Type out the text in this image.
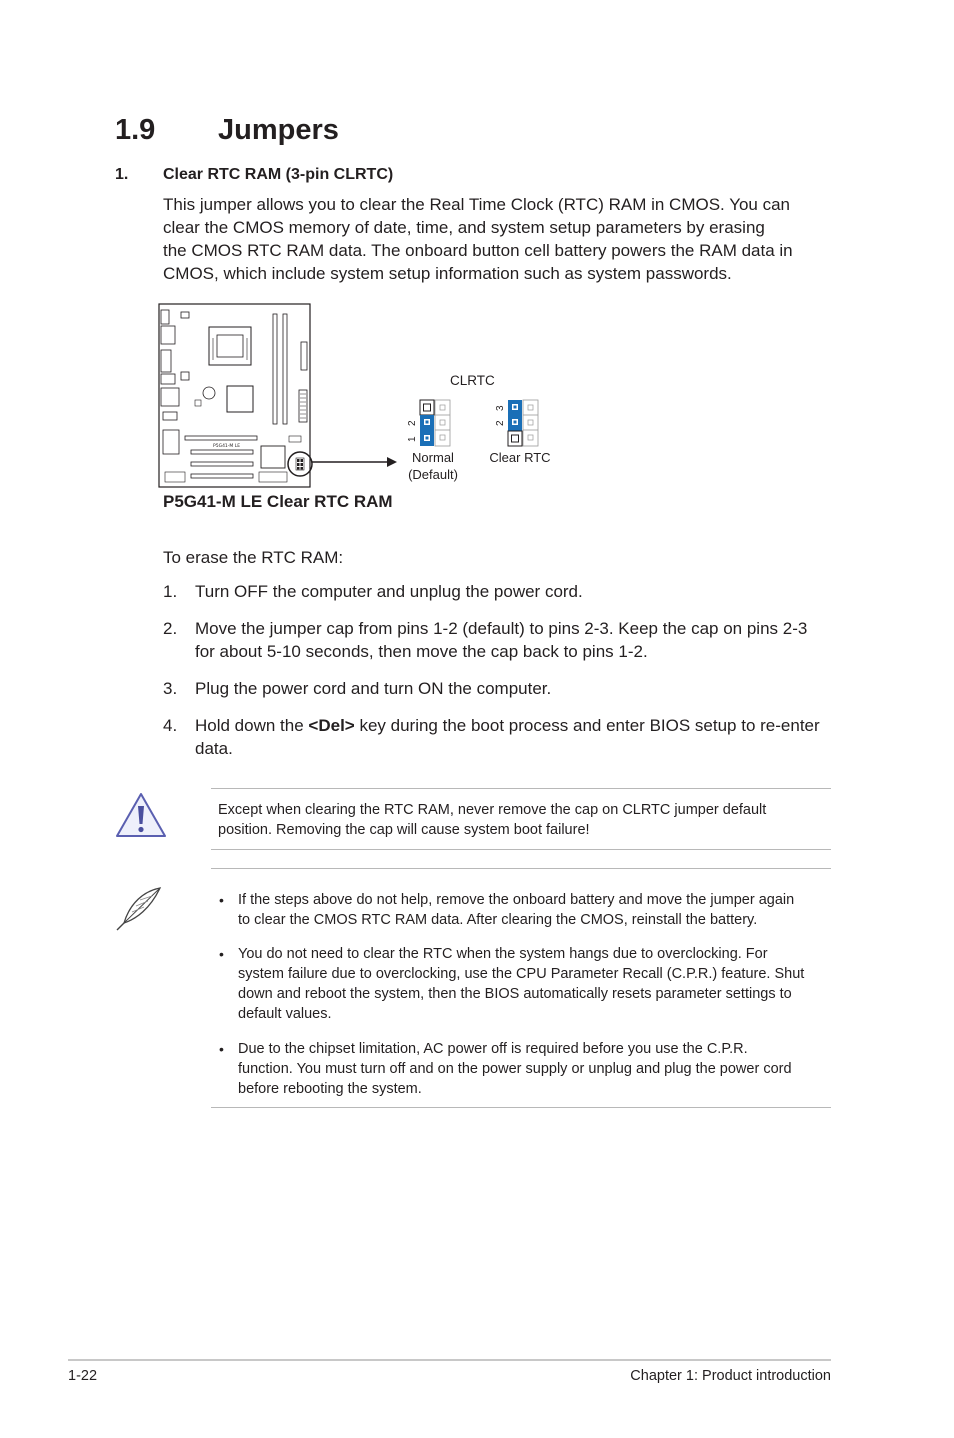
1.9 Jumpers
1. Clear RTC RAM (3-pin CLRTC)
This jumper allows you to clear the Real Time Clock (RTC) RAM in CMOS. You can
clear the CMOS memory of date, time, and system setup parameters by erasing
the CMOS RTC RAM data. The onboard button cell battery powers the RAM data in
CMOS, which include system setup information such as system passwords.
P5G41-M LE
CLRTC
2
1
Normal
(Default)
3
2
Clear RTC
P5G41-M LE Clear RTC RAM
To erase the RTC RAM:
1. Turn OFF the computer and unplug the power cord.
2. Move the jumper cap from pins 1-2 (default) to pins 2-3. Keep the cap on pins 2-3
for about 5-10 seconds, then move the cap back to pins 1-2.
3. Plug the power cord and turn ON the computer.
4. Hold down the <Del> key during the boot process and enter BIOS setup to re-enter
data.
Except when clearing the RTC RAM, never remove the cap on CLRTC jumper default
position. Removing the cap will cause system boot failure!
• If the steps above do not help, remove the onboard battery and move the jumper again
to clear the CMOS RTC RAM data. After clearing the CMOS, reinstall the battery.
• You do not need to clear the RTC when the system hangs due to overclocking. For
system failure due to overclocking, use the CPU Parameter Recall (C.P.R.) feature. Shut
down and reboot the system, then the BIOS automatically resets parameter settings to
default values.
• Due to the chipset limitation, AC power off is required before you use the C.P.R.
function. You must turn off and on the power supply or unplug and plug the power cord
before rebooting the system.
1-22	Chapter 1: Product introduction
